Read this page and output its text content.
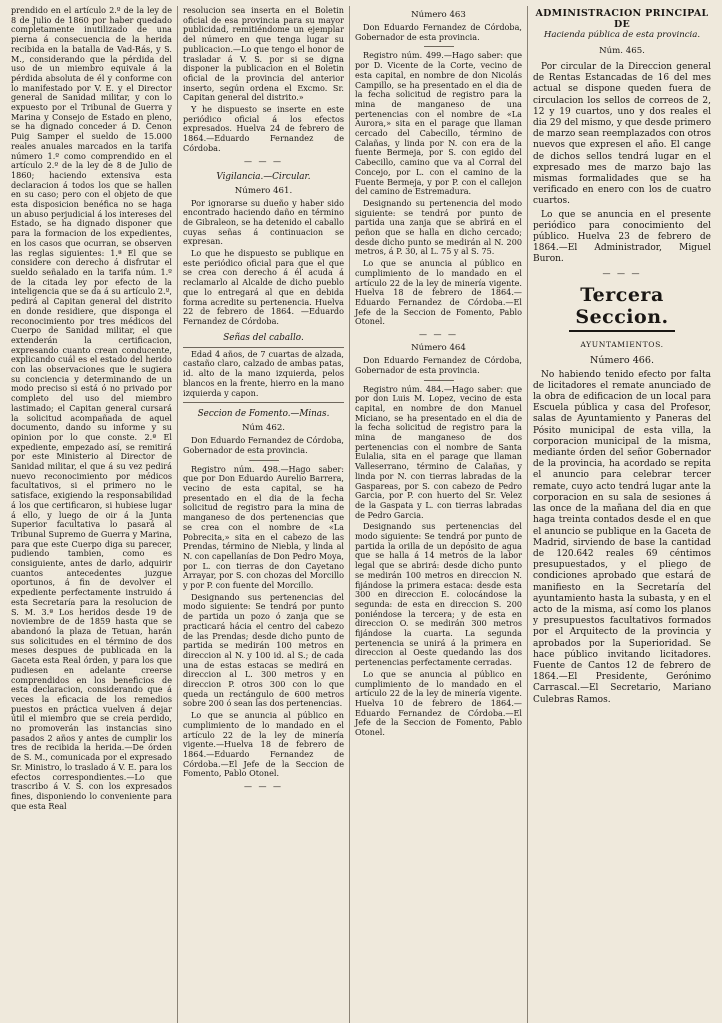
prendido en el artículo 2.º de la ley de 8 de Julio de 1860 por haber quedado completamente inutilizado de una pierna á consecuencia de la herida recibida en la batalla de Vad-Rás, y S. M., considerando que la pérdida del uso de un miembro equivale á la pérdida absoluta de él y conforme con lo manifestado por V. E. y el Director general de Sanidad militar, y con lo expuesto por el Tribunal de Guerra y Marina y Consejo de Estado en pleno, se ha dignado conceder á D. Cenon Puig Samper el sueldo de 15.000 reales anuales marcados en la tarifa número 1.º como comprendido en el artículo 2.º de la ley de 8 de Julio de 1860; haciendo extensiva esta declaracion á todos los que se hallen en su caso; pero con el objeto de que esta disposicion benéfica no se haga un abuso perjudicial á los intereses del Estado, se ha dignado disponer que para la formacion de los expedientes, en los casos que ocurran, se observen las reglas siguientes: 1.ª El que se considere con derecho á disfrutar el sueldo señalado en la tarifa núm. 1.º de la citada ley por efecto de la inteligencia que se da á su artículo 2.º, pedirá al Capitan general del distrito en donde residiere, que disponga el reconocimiento por tres médicos del Cuerpo de Sanidad militar, el que extenderán la certificacion, expresando cuanto crean conducente, explicando cuál es el estado del herido con las observaciones que le sugiera su conciencia y determinando de un modo preciso si está ó no privado por completo del uso del miembro lastimado; el Capitan general cursará la solicitud acompañada de aquel documento, dando su informe y su opinion por lo que conste. 2.ª El expediente, empezado así, se remitirá por este Ministerio al Director de Sanidad militar, el que á su vez pedirá nuevo reconocimiento por médicos facultativos, si el primero no le satisface, exigiendo la responsabilidad á los que certificaron, si hubiese lugar á ello, y luego de oir á la Junta Superior facultativa lo pasará al Tribunal Supremo de Guerra y Marina, para que este Cuerpo diga su parecer, pudiendo tambien, como es consiguiente, antes de darlo, adquirir cuantos antecedentes juzgue oportunos, á fin de devolver el expediente perfectamente instruido á esta Secretaría para la resolucion de S. M. 3.ª Los heridos desde 19 de noviembre de de 1859 hasta que se abandonó la plaza de Tetuan, harán sus solicitudes en el término de dos meses despues de publicada en la Gaceta esta Real órden, y para los que pudiesen en adelante creerse comprendidos en los beneficios de esta declaracion, considerando que á veces la eficacia de los remedios puestos en práctica vuelven á dejar útil el miembro que se creia perdido, no promoverán las instancias sino pasados 2 años y antes de cumplir los tres de recibida la herida.—De órden de S. M., comunicada por el expresado Sr. Ministro, lo traslado á V. E. para los efectos correspondientes.—Lo que trascribo á V. S. con los expresados fines, disponiendo lo conveniente para que esta Real

resolucion sea inserta en el Boletin oficial de esa provincia para su mayor publicidad, remitiéndome un ejemplar del número en que tenga lugar su publicacion.—Lo que tengo el honor de trasladar á V. S. por si se digna disponer la publicacion en el Boletin oficial de la provincia del anterior inserto, según ordena el Excmo. Sr. Capitan general del distrito.»

Y he dispuesto se inserte en este periódico oficial á los efectos expresados. Huelva 24 de febrero de 1864.—Eduardo Fernandez de Córdoba.

— — —
Vigilancia.—Circular.
Número 461.

Por ignorarse su dueño y haber sido encontrado haciendo daño en término de Gibraleon, se ha detenido el caballo cuyas señas á continuacion se expresan.

Lo que he dispuesto se publique en este periódico oficial para que el que se crea con derecho á él acuda á reclamarlo al Alcalde de dicho pueblo que lo entregará al que en debida forma acredite su pertenencia. Huelva 22 de febrero de 1864. —Eduardo Fernandez de Córdoba.

Señas del caballo.

Edad 4 años, de 7 cuartas de alzada, castaño claro, calzado de ambas patas, id. alto de la mano izquierda, pelos blancos en la frente, hierro en la mano izquierda y capon.

Seccion de Fomento.—Minas.
Núm 462.

Don Eduardo Fernandez de Córdoba, Gobernador de esta provincia.

Registro núm. 498.—Hago saber: que por Don Eduardo Aurelio Barrera, vecino de esta capital, se ha presentado en el dia de la fecha solicitud de registro para la mina de manganeso de dos pertenencias que se crea con el nombre de «La Pobrecita,» sita en el cabezo de las Prendas, término de Niebla, y linda al N. con capellanías de Don Pedro Moya, por L. con tierras de don Cayetano Arrayar, por S. con chozas del Morcillo y por P. con fuente del Morcillo.

Designando sus pertenencias del modo siguiente: Se tendrá por punto de partida un pozo ó zanja que se practicará hácia el centro del cabezo de las Prendas; desde dicho punto de partida se medirán 100 metros en direccion al N. y 100 id. al S.; de cada una de estas estacas se medirá en direccion al L. 300 metros y en direccion P. otros 300 con lo que queda un rectángulo de 600 metros sobre 200 ó sean las dos pertenencias.

Lo que se anuncia al público en cumplimiento de lo mandado en el artículo 22 de la ley de minería vigente.—Huelva 18 de febrero de 1864.—Eduardo Fernandez de Córdoba.—El Jefe de la Seccion de Fomento, Pablo Otonel.

— — —
Número 463

Don Eduardo Fernandez de Córdoba, Gobernador de esta provincia.

Registro núm. 499.—Hago saber: que por D. Vicente de la Corte, vecino de esta capital, en nombre de don Nicolás Campillo, se ha presentado en el dia de la fecha solicitud de registro para la mina de manganeso de una pertenencias con el nombre de «La Aurora,» sita en el parage que llaman cercado del Cabecillo, término de Calañas, y linda por N. con era de la fuente Bermeja, por S. con egido del Cabecillo, camino que va al Corral del Concejo, por L. con el camino de la Fuente Bermeja, y por P. con el callejon del camino de Estremadura.

Designando su pertenencia del modo siguiente: se tendrá por punto de partida una zanja que se abrirá en el peñon que se halla en dicho cercado; desde dicho punto se medirán al N. 200 metros, á P. 30, al L. 75 y al S. 75.

Lo que se anuncia al público en cumplimiento de lo mandado en el artículo 22 de la ley de minería vigente. Huelva 18 de febrero de 1864.—Eduardo Fernandez de Córdoba.—El Jefe de la Seccion de Fomento, Pablo Otonel.

— — —
Número 464

Don Eduardo Fernandez de Córdoba, Gobernador de esta provincia.

Registro núm. 484.—Hago saber: que por don Luis M. Lopez, vecino de esta capital, en nombre de don Manuel Miciano, se ha presentado en el dia de la fecha solicitud de registro para la mina de manganeso de dos pertenencias con el nombre de Santa Eulalia, sita en el parage que llaman Valleserrano, término de Calañas, y linda por N. con tierras labradas de la Gaspareas, por S. con cabezo de Pedro Garcia, por P. con huerto del Sr. Velez de la Gaspata y L. con tierras labradas de Pedro Garcia.

Designando sus pertenencias del modo siguiente: Se tendrá por punto de partida la orilla de un depósito de agua que se halla á 14 metros de la labor legal que se abrirá: desde dicho punto se medirán 100 metros en direccion N. fijándose la primera estaca: desde esta 300 en direccion E. colocándose la segunda: de esta en direccion S. 200 poniéndose la tercera; y de esta en direccion O. se medirán 300 metros fijándose la cuarta. La segunda pertenencia se unirá á la primera en direccion al Oeste quedando las dos pertenencias perfectamente cerradas.

Lo que se anuncia al público en cumplimiento de lo mandado en el artículo 22 de la ley de minería vigente. Huelva 10 de febrero de 1864.—Eduardo Fernandez de Córdoba.—El Jefe de la Seccion de Fomento, Pablo Otonel.

ADMINISTRACION PRINCIPAL DE
Hacienda pública de esta provincia.
Núm. 465.

Por circular de la Direccion general de Rentas Estancadas de 16 del mes actual se dispone queden fuera de circulacion los sellos de correos de 2, 12 y 19 cuartos, uno y dos reales el dia 29 del mismo, y que desde primero de marzo sean reemplazados con otros nuevos que expresen el año. El cange de dichos sellos tendrá lugar en el expresado mes de marzo bajo las mismas formalidades que se ha verificado en enero con los de cuatro cuartos.

Lo que se anuncia en el presente periódico para conocimiento del público. Huelva 23 de febrero de 1864.—El Administrador, Miguel Buron.

— — —
Tercera Seccion.
AYUNTAMIENTOS.
Número 466.

No habiendo tenido efecto por falta de licitadores el remate anunciado de la obra de edificacion de un local para Escuela pública y casa del Profesor, salas de Ayuntamiento y Paneras del Pósito municipal de esta villa, la corporacion municipal de la misma, mediante órden del señor Gobernador de la provincia, ha acordado se repita el anuncio para celebrar tercer remate, cuyo acto tendrá lugar ante la corporacion en su sala de sesiones á las once de la mañana del dia en que haga treinta contados desde el en que el anuncio se publique en la Gaceta de Madrid, sirviendo de base la cantidad de 120.642 reales 69 céntimos presupuestados, y el pliego de condiciones aprobado que estará de manifiesto en la Secretaría del ayuntamiento hasta la subasta, y en el acto de la misma, así como los planos y presupuestos facultativos formados por el Arquitecto de la provincia y aprobados por la Superioridad. Se hace público invitando licitadores. Fuente de Cantos 12 de febrero de 1864.—El Presidente, Gerónimo Carrascal.—El Secretario, Mariano Culebras Ramos.
